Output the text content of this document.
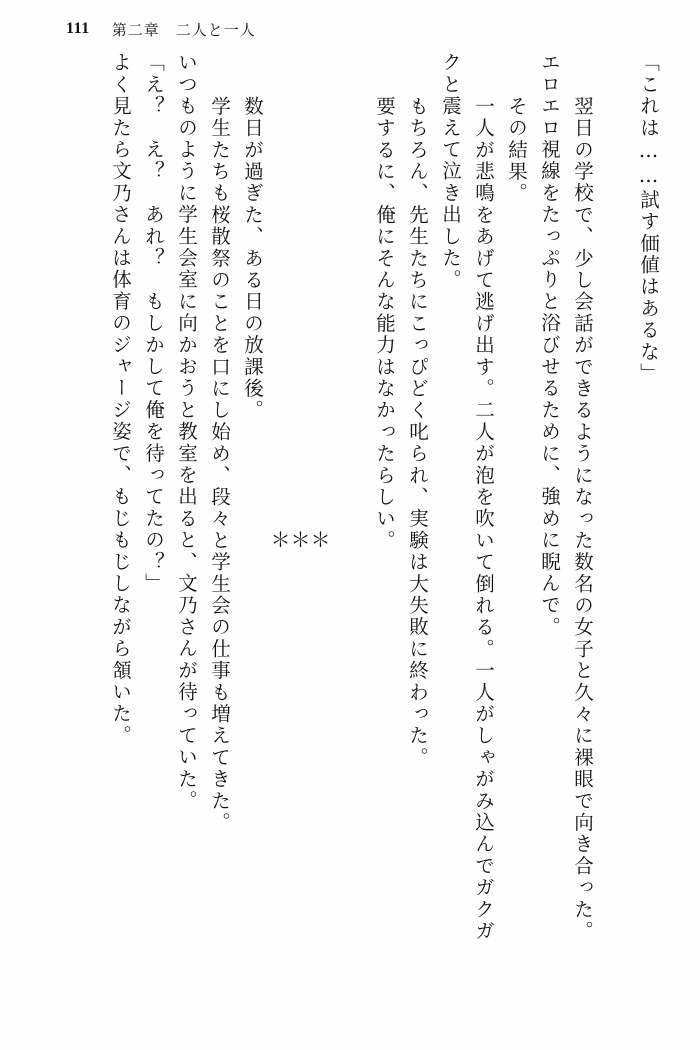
111 第二章　二人と一人
「これは……試す価値はあるな」
　翌日の学校で、少し会話ができるようになった数名の女子と久々に裸眼で向き合った。
エロエロ視線をたっぷりと浴びせるために、強めに睨んで。
　その結果。
　一人が悲鳴をあげて逃げ出す。二人が泡を吹いて倒れる。一人がしゃがみ込んでガクガ
クと震えて泣き出した。
　もちろん、先生たちにこっぴどく叱られ、実験は大失敗に終わった。
　要するに、俺にそんな能力はなかったらしい。
＊
＊
＊
　数日が過ぎた、ある日の放課後。
　学生たちも桜散祭のことを口にし始め、段々と学生会の仕事も増えてきた。
いつものように学生会室に向かおうと教室を出ると、文乃さんが待っていた。
「え？　え？　あれ？　もしかして俺を待ってたの？」
よく見たら文乃さんは体育のジャージ姿で、もじもじしながら頷いた。
